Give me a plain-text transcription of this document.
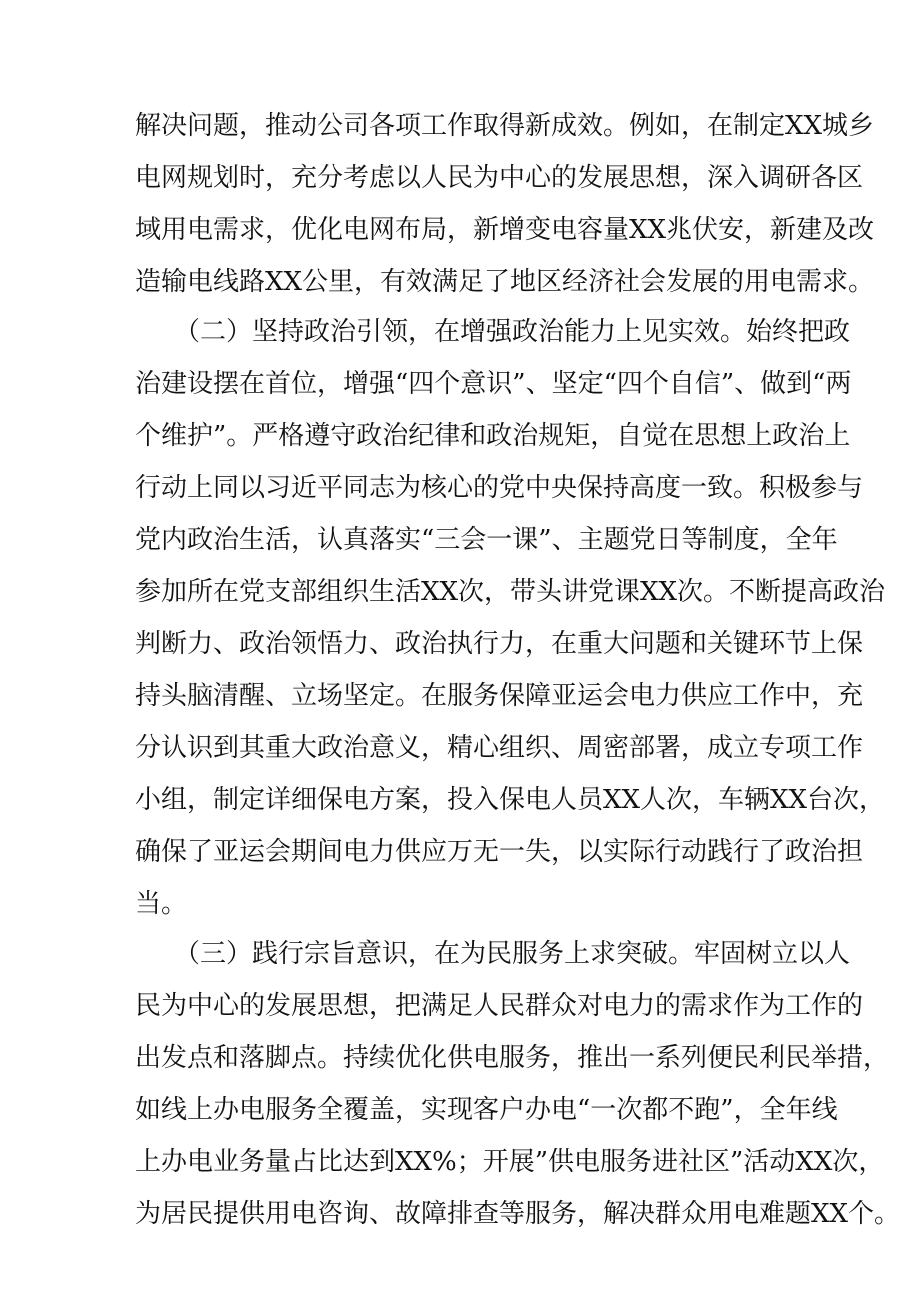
解决问题，推动公司各项工作取得新成效。例如，在制定XX城乡
电网规划时，充分考虑以人民为中心的发展思想，深入调研各区
域用电需求，优化电网布局，新增变电容量XX兆伏安，新建及改
造输电线路XX公里，有效满足了地区经济社会发展的用电需求。
　　（二）坚持政治引领，在增强政治能力上见实效。始终把政
治建设摆在首位，增强“四个意识”、坚定“四个自信”、做到“两
个维护”。严格遵守政治纪律和政治规矩，自觉在思想上政治上
行动上同以习近平同志为核心的党中央保持高度一致。积极参与
党内政治生活，认真落实“三会一课”、主题党日等制度，全年
参加所在党支部组织生活XX次，带头讲党课XX次。不断提高政治
判断力、政治领悟力、政治执行力，在重大问题和关键环节上保
持头脑清醒、立场坚定。在服务保障亚运会电力供应工作中，充
分认识到其重大政治意义，精心组织、周密部署，成立专项工作
小组，制定详细保电方案，投入保电人员XX人次，车辆XX台次，
确保了亚运会期间电力供应万无一失，以实际行动践行了政治担
当。
　　（三）践行宗旨意识，在为民服务上求突破。牢固树立以人
民为中心的发展思想，把满足人民群众对电力的需求作为工作的
出发点和落脚点。持续优化供电服务，推出一系列便民利民举措，
如线上办电服务全覆盖，实现客户办电“一次都不跑”，全年线
上办电业务量占比达到XX%；开展”供电服务进社区”活动XX次，
为居民提供用电咨询、故障排查等服务，解决群众用电难题XX个。
